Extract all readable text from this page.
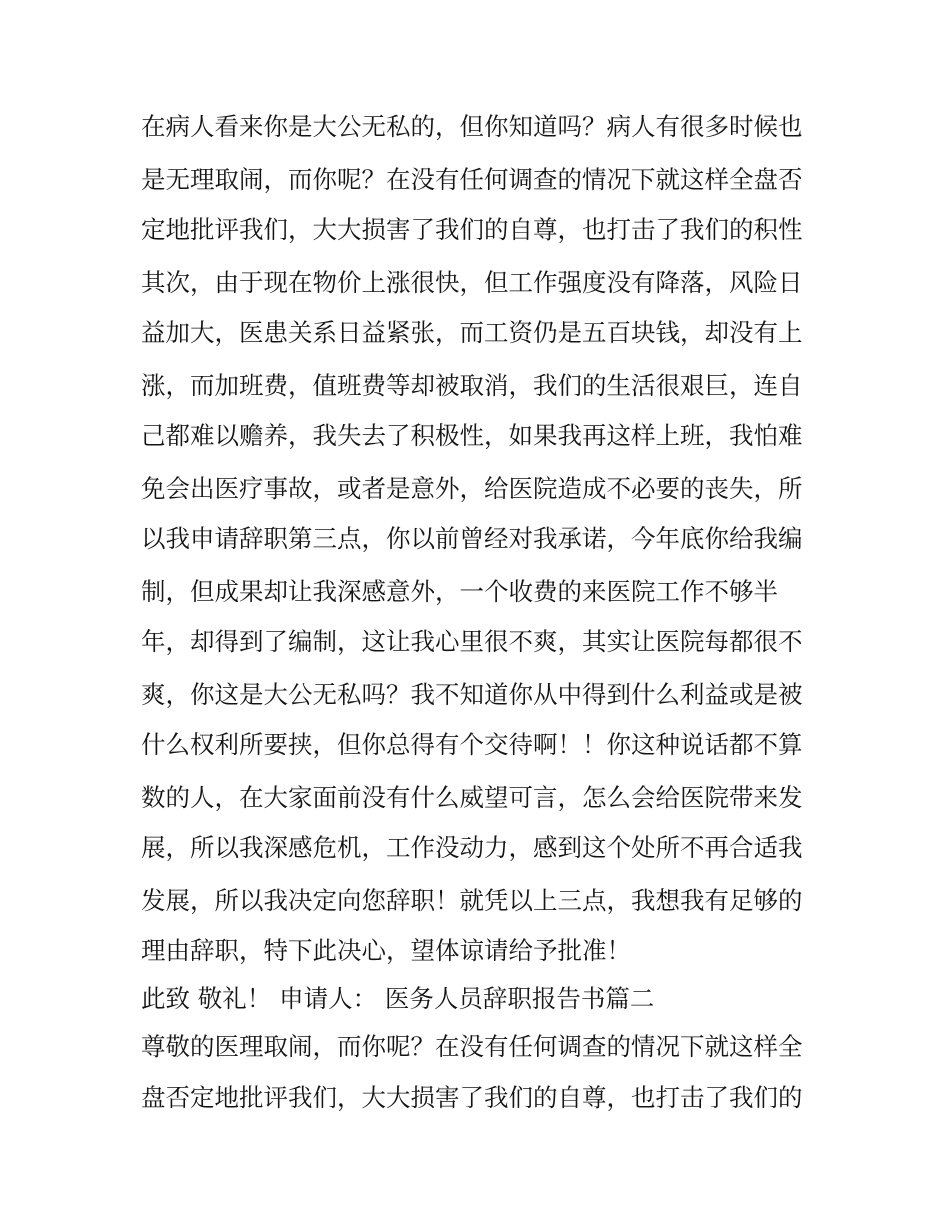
在病人看来你是大公无私的，但你知道吗？病人有很多时候也

是无理取闹，而你呢？在没有任何调查的情况下就这样全盘否

定地批评我们，大大损害了我们的自尊，也打击了我们的积性

其次，由于现在物价上涨很快，但工作强度没有降落，风险日

益加大，医患关系日益紧张，而工资仍是五百块钱，却没有上

涨，而加班费，值班费等却被取消，我们的生活很艰巨，连自

己都难以赡养，我失去了积极性，如果我再这样上班，我怕难

免会出医疗事故，或者是意外，给医院造成不必要的丧失，所

以我申请辞职第三点，你以前曾经对我承诺，今年底你给我编

制，但成果却让我深感意外，一个收费的来医院工作不够半

年，却得到了编制，这让我心里很不爽，其实让医院每都很不

爽，你这是大公无私吗？我不知道你从中得到什么利益或是被

什么权利所要挟，但你总得有个交待啊！！你这种说话都不算

数的人，在大家面前没有什么威望可言，怎么会给医院带来发

展，所以我深感危机，工作没动力，感到这个处所不再合适我

发展，所以我决定向您辞职！就凭以上三点，我想我有足够的

理由辞职，特下此决心，望体谅请给予批准！

此致 敬礼！ 申请人： 医务人员辞职报告书篇二

尊敬的医理取闹，而你呢？在没有任何调查的情况下就这样全

盘否定地批评我们，大大损害了我们的自尊，也打击了我们的
